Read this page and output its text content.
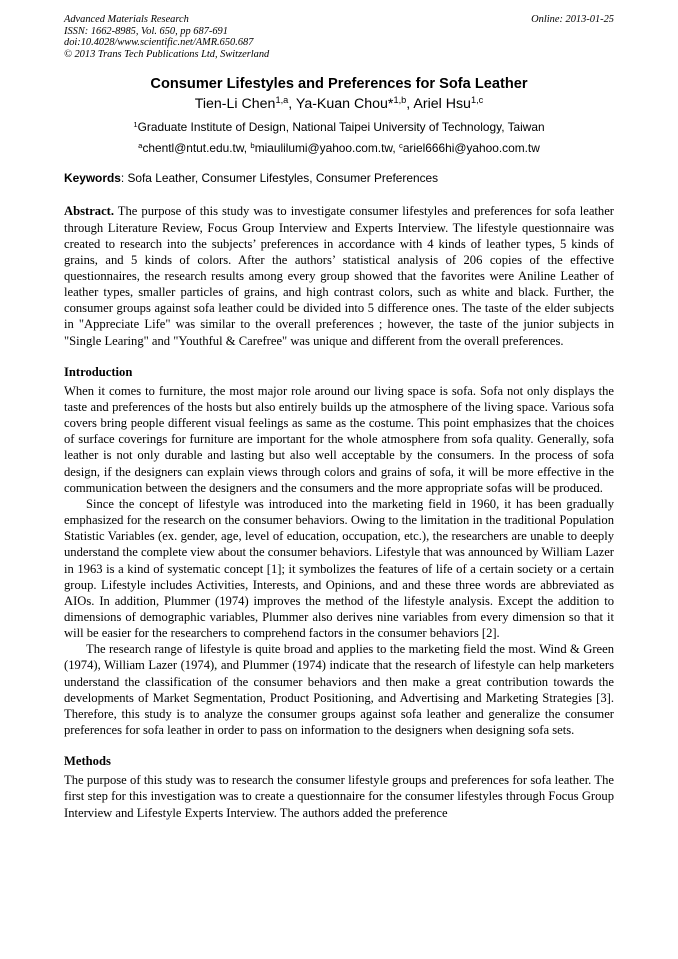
Advanced Materials Research
ISSN: 1662-8985, Vol. 650, pp 687-691
doi:10.4028/www.scientific.net/AMR.650.687
© 2013 Trans Tech Publications Ltd, Switzerland
Online: 2013-01-25
Consumer Lifestyles and Preferences for Sofa Leather
Tien-Li Chen$^{1,a}$, Ya-Kuan Chou*$^{1,b}$, Ariel Hsu$^{1,c}$
$^1$Graduate Institute of Design, National Taipei University of Technology, Taiwan
$^a$chentl@ntut.edu.tw, $^b$miaulilumi@yahoo.com.tw, $^c$ariel666hi@yahoo.com.tw
Keywords: Sofa Leather, Consumer Lifestyles, Consumer Preferences
Abstract. The purpose of this study was to investigate consumer lifestyles and preferences for sofa leather through Literature Review, Focus Group Interview and Experts Interview. The lifestyle questionnaire was created to research into the subjects’ preferences in accordance with 4 kinds of leather types, 5 kinds of grains, and 5 kinds of colors. After the authors’ statistical analysis of 206 copies of the effective questionnaires, the research results among every group showed that the favorites were Aniline Leather of leather types, smaller particles of grains, and high contrast colors, such as white and black. Further, the consumer groups against sofa leather could be divided into 5 difference ones. The taste of the elder subjects in "Appreciate Life" was similar to the overall preferences ; however, the taste of the junior subjects in "Single Learing" and "Youthful & Carefree" was unique and different from the overall preferences.
Introduction

When it comes to furniture, the most major role around our living space is sofa. Sofa not only displays the taste and preferences of the hosts but also entirely builds up the atmosphere of the living space. Various sofa covers bring people different visual feelings as same as the costume. This point emphasizes that the choices of surface coverings for furniture are important for the whole atmosphere from sofa quality. Generally, sofa leather is not only durable and lasting but also well acceptable by the consumers. In the process of sofa design, if the designers can explain views through colors and grains of sofa, it will be more effective in the communication between the designers and the consumers and the more appropriate sofas will be produced.

Since the concept of lifestyle was introduced into the marketing field in 1960, it has been gradually emphasized for the research on the consumer behaviors. Owing to the limitation in the traditional Population Statistic Variables (ex. gender, age, level of education, occupation, etc.), the researchers are unable to deeply understand the complete view about the consumer behaviors. Lifestyle that was announced by William Lazer in 1963 is a kind of systematic concept [1]; it symbolizes the features of life of a certain society or a certain group. Lifestyle includes Activities, Interests, and Opinions, and and these three words are abbreviated as AIOs. In addition, Plummer (1974) improves the method of the lifestyle analysis. Except the addition to dimensions of demographic variables, Plummer also derives nine variables from every dimension so that it will be easier for the researchers to comprehend factors in the consumer behaviors [2].

The research range of lifestyle is quite broad and applies to the marketing field the most. Wind & Green (1974), William Lazer (1974), and Plummer (1974) indicate that the research of lifestyle can help marketers understand the classification of the consumer behaviors and then make a great contribution towards the developments of Market Segmentation, Product Positioning, and Advertising and Marketing Strategies [3]. Therefore, this study is to analyze the consumer groups against sofa leather and generalize the consumer preferences for sofa leather in order to pass on information to the designers when designing sofa sets.

Methods

The purpose of this study was to research the consumer lifestyle groups and preferences for sofa leather. The first step for this investigation was to create a questionnaire for the consumer lifestyles through Focus Group Interview and Lifestyle Experts Interview. The authors added the preference
